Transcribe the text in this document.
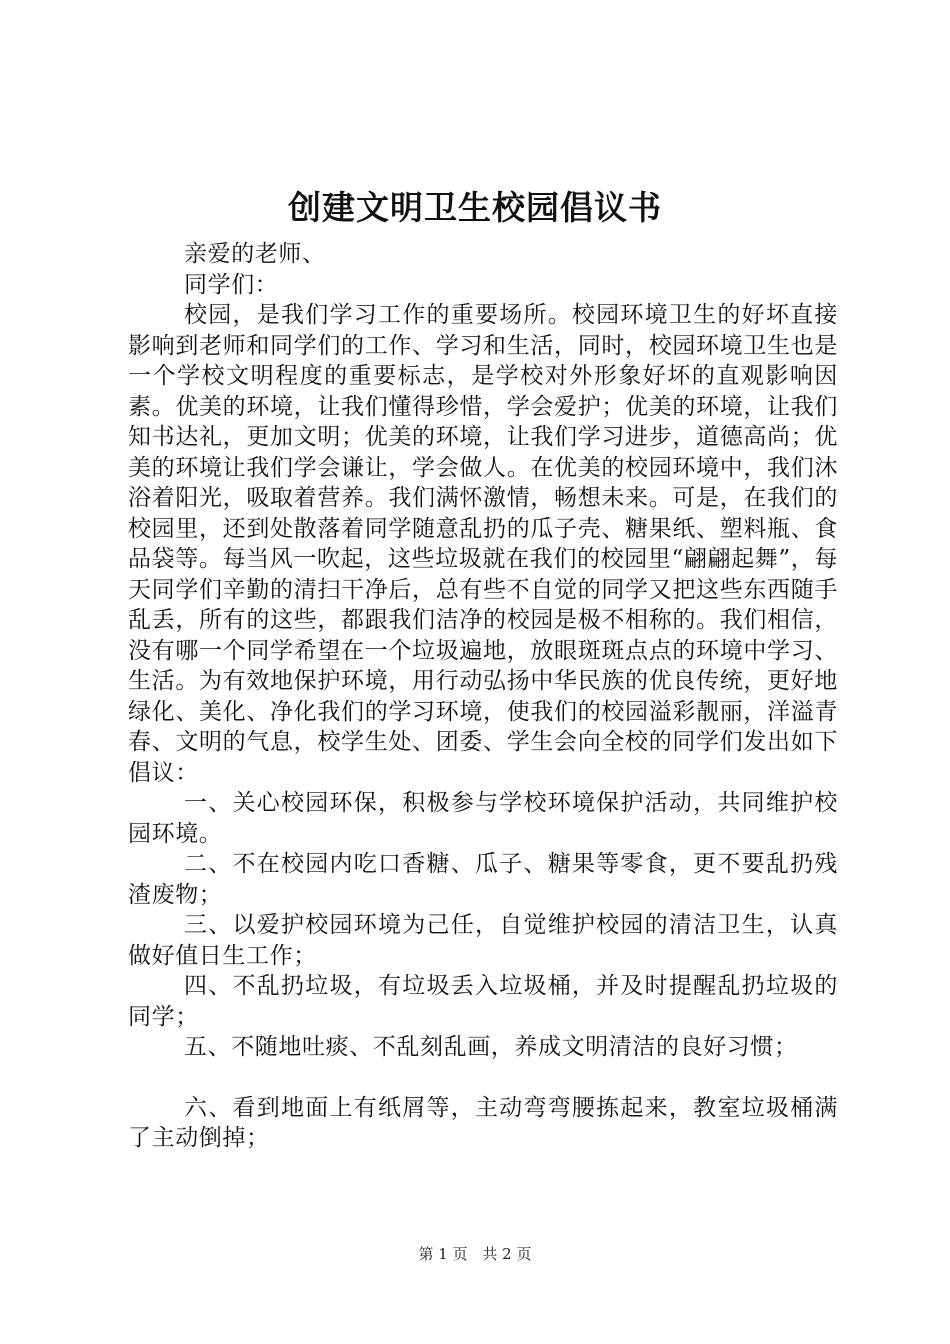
创建文明卫生校园倡议书

亲爱的老师、

同学们：

校园，是我们学习工作的重要场所。校园环境卫生的好坏直接影响到老师和同学们的工作、学习和生活，同时，校园环境卫生也是一个学校文明程度的重要标志，是学校对外形象好坏的直观影响因素。优美的环境，让我们懂得珍惜，学会爱护；优美的环境，让我们知书达礼，更加文明；优美的环境，让我们学习进步，道德高尚；优美的环境让我们学会谦让，学会做人。在优美的校园环境中，我们沐浴着阳光，吸取着营养。我们满怀激情，畅想未来。可是，在我们的校园里，还到处散落着同学随意乱扔的瓜子壳、糖果纸、塑料瓶、食品袋等。每当风一吹起，这些垃圾就在我们的校园里“翩翩起舞”，每天同学们辛勤的清扫干净后，总有些不自觉的同学又把这些东西随手乱丢，所有的这些，都跟我们洁净的校园是极不相称的。我们相信，没有哪一个同学希望在一个垃圾遍地，放眼斑斑点点的环境中学习、生活。为有效地保护环境，用行动弘扬中华民族的优良传统，更好地绿化、美化、净化我们的学习环境，使我们的校园溢彩靓丽，洋溢青春、文明的气息，校学生处、团委、学生会向全校的同学们发出如下倡议：

一、关心校园环保，积极参与学校环境保护活动，共同维护校园环境。

二、不在校园内吃口香糖、瓜子、糖果等零食，更不要乱扔残渣废物；

三、以爱护校园环境为己任，自觉维护校园的清洁卫生，认真做好值日生工作；

四、不乱扔垃圾，有垃圾丢入垃圾桶，并及时提醒乱扔垃圾的同学；

五、不随地吐痰、不乱刻乱画，养成文明清洁的良好习惯；

六、看到地面上有纸屑等，主动弯弯腰拣起来，教室垃圾桶满了主动倒掉；

第 1 页 共 2 页
